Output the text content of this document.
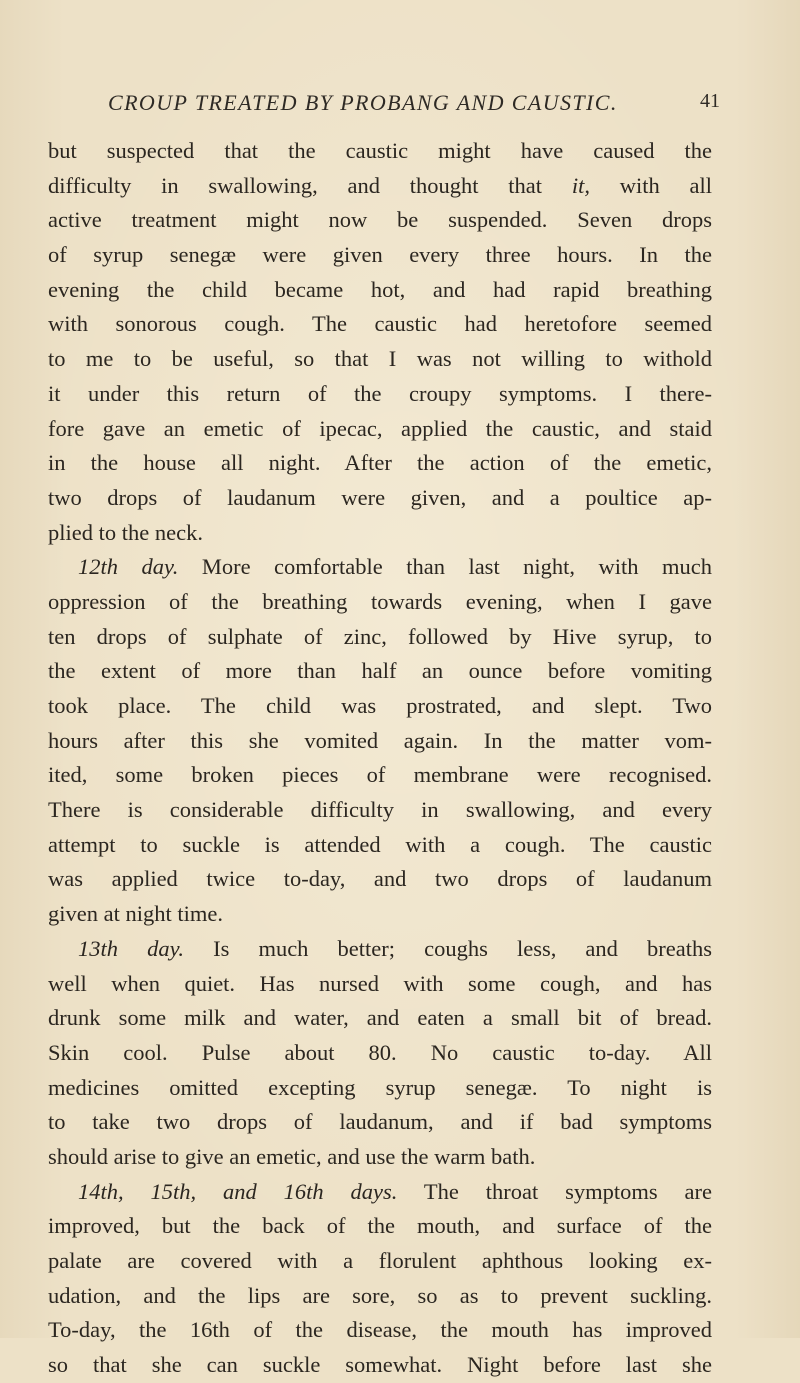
CROUP TREATED BY PROBANG AND CAUSTIC.	41
but suspected that the caustic might have caused the
difficulty in swallowing, and thought that it, with all
active treatment might now be suspended. Seven drops
of syrup senegæ were given every three hours. In the
evening the child became hot, and had rapid breathing
with sonorous cough. The caustic had heretofore seemed
to me to be useful, so that I was not willing to withold
it under this return of the croupy symptoms. I there-
fore gave an emetic of ipecac, applied the caustic, and staid
in the house all night. After the action of the emetic,
two drops of laudanum were given, and a poultice ap-
plied to the neck.
12th day. More comfortable than last night, with much
oppression of the breathing towards evening, when I gave
ten drops of sulphate of zinc, followed by Hive syrup, to
the extent of more than half an ounce before vomiting
took place. The child was prostrated, and slept. Two
hours after this she vomited again. In the matter vom-
ited, some broken pieces of membrane were recognised.
There is considerable difficulty in swallowing, and every
attempt to suckle is attended with a cough. The caustic
was applied twice to-day, and two drops of laudanum
given at night time.
13th day. Is much better; coughs less, and breaths
well when quiet. Has nursed with some cough, and has
drunk some milk and water, and eaten a small bit of bread.
Skin cool. Pulse about 80. No caustic to-day. All
medicines omitted excepting syrup senegæ. To night is
to take two drops of laudanum, and if bad symptoms
should arise to give an emetic, and use the warm bath.
14th, 15th, and 16th days. The throat symptoms are
improved, but the back of the mouth, and surface of the
palate are covered with a florulent aphthous looking ex-
udation, and the lips are sore, so as to prevent suckling.
To-day, the 16th of the disease, the mouth has improved
so that she can suckle somewhat. Night before last she
